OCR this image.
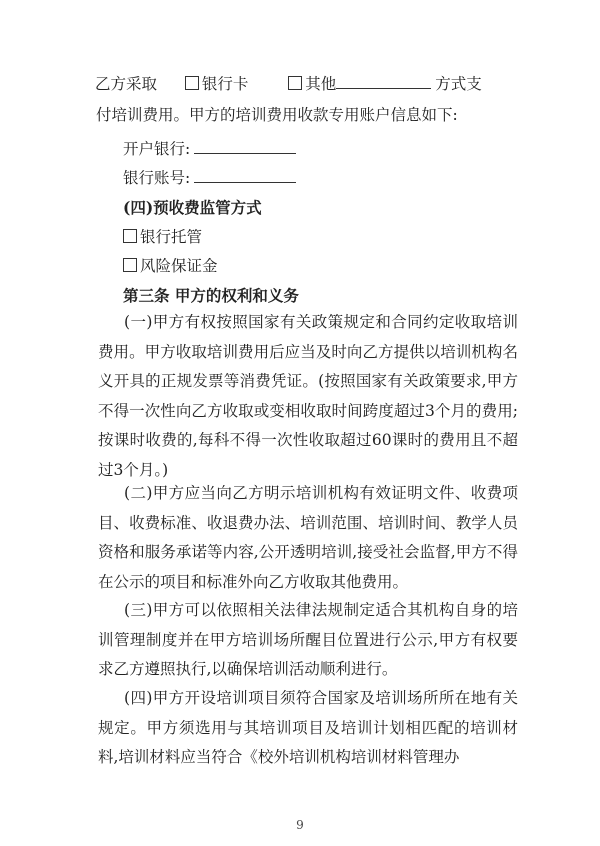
乙方采取	银行卡	其他	方式支
付培训费用。甲方的培训费用收款专用账户信息如下:
开户银行:
银行账号:
(四)预收费监管方式
银行托管
风险保证金
第三条 甲方的权利和义务
(一)甲方有权按照国家有关政策规定和合同约定收取培训费用。甲方收取培训费用后应当及时向乙方提供以培训机构名义开具的正规发票等消费凭证。(按照国家有关政策要求,甲方不得一次性向乙方收取或变相收取时间跨度超过3个月的费用;按课时收费的,每科不得一次性收取超过60课时的费用且不超过3个月。)
(二)甲方应当向乙方明示培训机构有效证明文件、收费项目、收费标准、收退费办法、培训范围、培训时间、教学人员资格和服务承诺等内容,公开透明培训,接受社会监督,甲方不得在公示的项目和标准外向乙方收取其他费用。
(三)甲方可以依照相关法律法规制定适合其机构自身的培训管理制度并在甲方培训场所醒目位置进行公示,甲方有权要求乙方遵照执行,以确保培训活动顺利进行。
(四)甲方开设培训项目须符合国家及培训场所所在地有关规定。甲方须选用与其培训项目及培训计划相匹配的培训材料,培训材料应当符合《校外培训机构培训材料管理办
9
